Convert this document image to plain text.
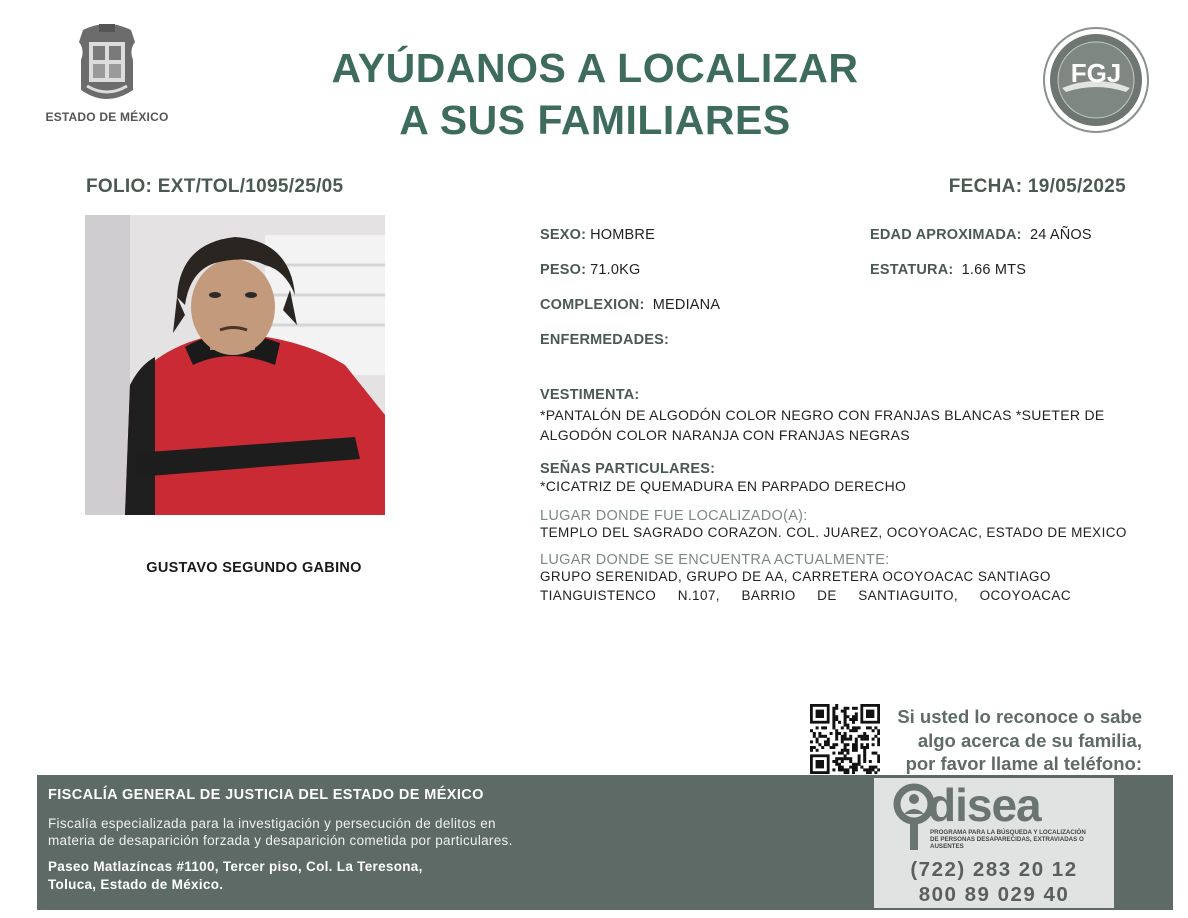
ESTADO DE MÉXICO
AYÚDANOS A LOCALIZAR
A SUS FAMILIARES
FGJ
FOLIO: EXT/TOL/1095/25/05	FECHA: 19/05/2025
GUSTAVO SEGUNDO GABINO
SEXO: HOMBRE	EDAD APROXIMADA: 24 AÑOS
PESO: 71.0KG	ESTATURA: 1.66 MTS
COMPLEXION: MEDIANA
ENFERMEDADES:
VESTIMENTA:
*PANTALÓN DE ALGODÓN COLOR NEGRO CON FRANJAS BLANCAS *SUETER DE
ALGODÓN COLOR NARANJA CON FRANJAS NEGRAS
SEÑAS PARTICULARES:
*CICATRIZ DE QUEMADURA EN PARPADO DERECHO
LUGAR DONDE FUE LOCALIZADO(A):
TEMPLO DEL SAGRADO CORAZON. COL. JUAREZ, OCOYOACAC, ESTADO DE MEXICO
LUGAR DONDE SE ENCUENTRA ACTUALMENTE:
GRUPO SERENIDAD, GRUPO DE AA, CARRETERA OCOYOACAC SANTIAGO
TIANGUISTENCO N.107, BARRIO DE SANTIAGUITO, OCOYOACAC
Si usted lo reconoce o sabe
algo acerca de su familia,
por favor llame al teléfono:
FISCALÍA GENERAL DE JUSTICIA DEL ESTADO DE MÉXICO
Fiscalía especializada para la investigación y persecución de delitos en
materia de desaparición forzada y desaparición cometida por particulares.
Paseo Matlazíncas #1100, Tercer piso, Col. La Teresona,
Toluca, Estado de México.
disea
PROGRAMA PARA LA BÚSQUEDA Y LOCALIZACIÓN
DE PERSONAS DESAPARECIDAS, EXTRAVIADAS O
AUSENTES
(722) 283 20 12
800 89 029 40
